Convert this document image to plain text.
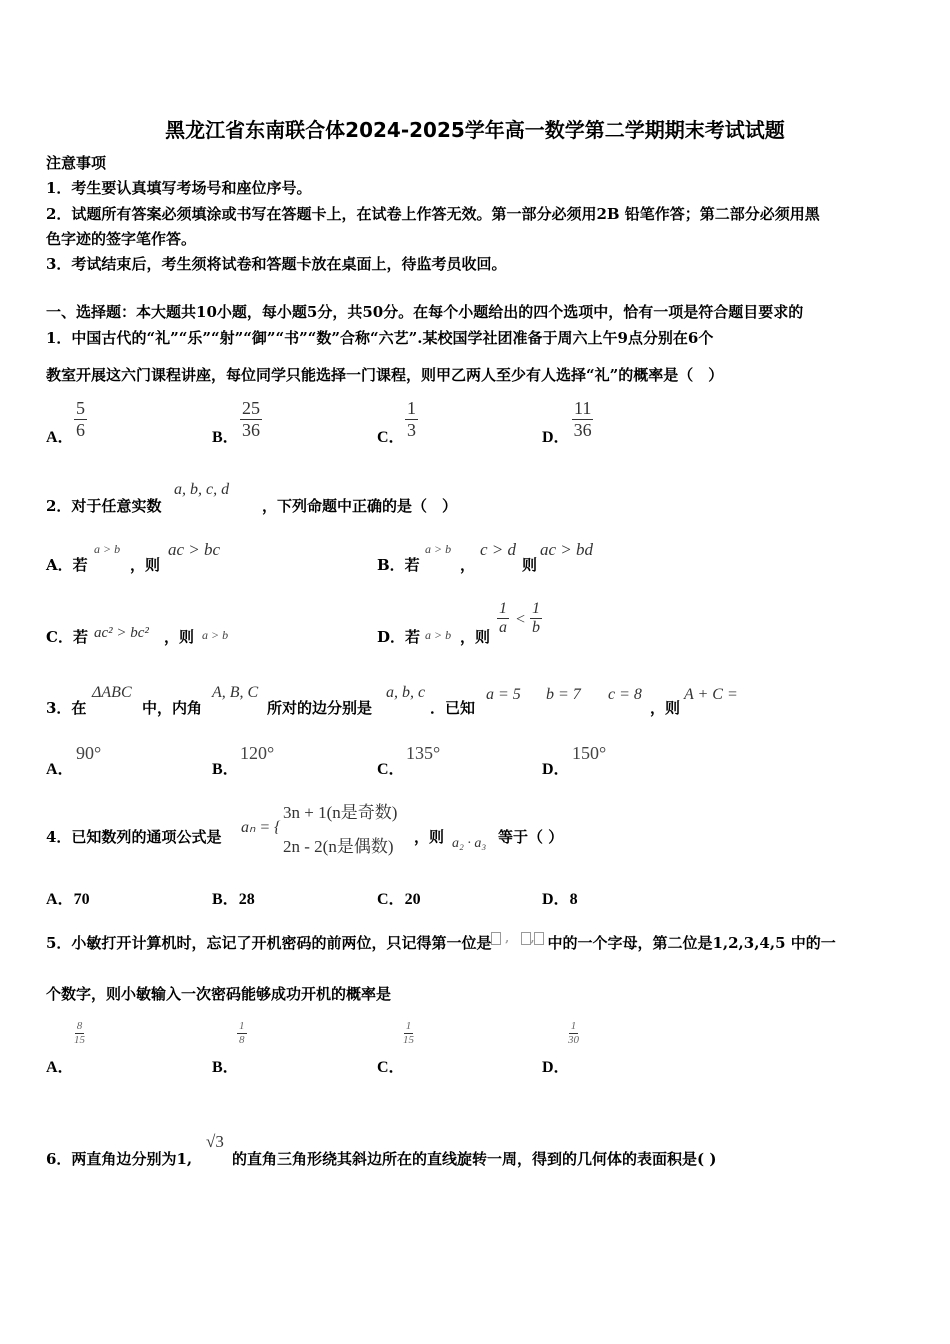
黑龙江省东南联合体2024-2025学年高一数学第二学期期末考试试题
注意事项
1．考生要认真填写考场号和座位序号。
2．试题所有答案必须填涂或书写在答题卡上，在试卷上作答无效。第一部分必须用2B 铅笔作答；第二部分必须用黑
色字迹的签字笔作答。
3．考试结束后，考生须将试卷和答题卡放在桌面上，待监考员收回。
一、选择题：本大题共10小题，每小题5分，共50分。在每个小题给出的四个选项中，恰有一项是符合题目要求的
1．中国古代的“礼”“乐”“射”“御”“书”“数”合称“六艺”.某校国学社团准备于周六上午9点分别在6个
教室开展这六门课程讲座，每位同学只能选择一门课程，则甲乙两人至少有人选择“礼”的概率是（　）
A． $\frac{5}{6}$	B． $\frac{25}{36}$	C． $\frac{1}{3}$	D． $\frac{11}{36}$
2．对于任意实数
a, b, c, d
，下列命题中正确的是（　）
A．若
a > b
，则
ac > bc
B．若
a > b
，
c > d
则
ac > bd
C．若 ac² > bc² ，则 a > b	D．若 a > b ，则 $\frac{1}{a} < \frac{1}{b}$
3．在
ΔABC
中，内角
A, B, C
所对的边分别是
a, b, c
．已知
a = 5 b = 7 c = 8
，则
A + C =
A．
90°
B．
120°
C．
135°
D．
150°
4．已知数列的通项公式是
aₙ = {
3n + 1(n是奇数)
2n - 2(n是偶数) ，则 a₂ · a₃ 等于（ ）
A．70	B．28	C．20	D．8
5．小敏打开计算机时，忘记了开机密码的前两位，只记得第一位是 ,   , 中的一个字母，第二位是1,2,3,4,5 中的一
个数字，则小敏输入一次密码能够成功开机的概率是
A．
$\frac{8}{15}$
B．
$\frac{1}{8}$
C．
$\frac{1}{15}$
D．
$\frac{1}{30}$
6．两直角边分别为1,
√3
的直角三角形绕其斜边所在的直线旋转一周，得到的几何体的表面积是( )
